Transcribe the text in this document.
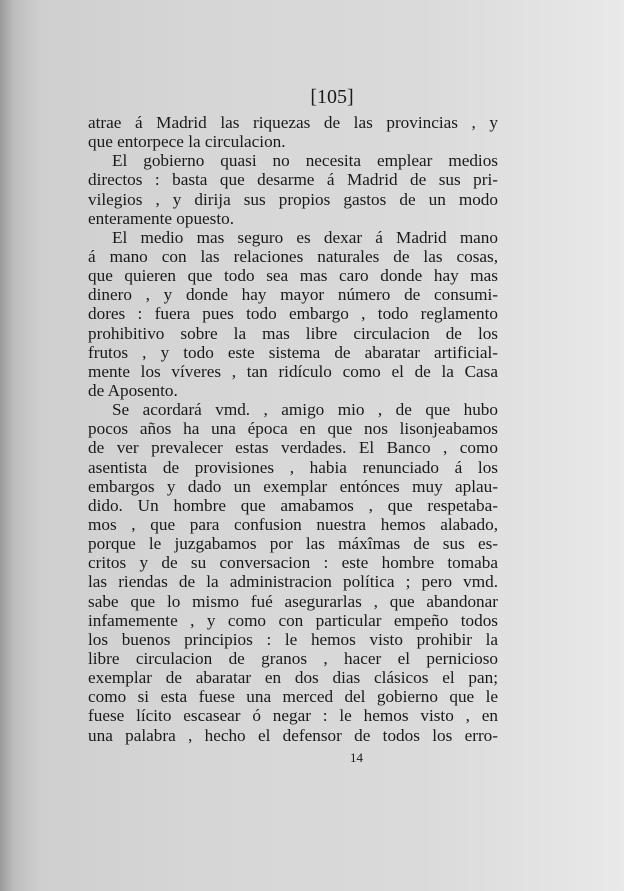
[105]
atrae á Madrid las riquezas de las provincias , y
que entorpece la circulacion.
El gobierno quasi no necesita emplear medios
directos : basta que desarme á Madrid de sus pri-
vilegios , y dirija sus propios gastos de un modo
enteramente opuesto.
El medio mas seguro es dexar á Madrid mano
á mano con las relaciones naturales de las cosas,
que quieren que todo sea mas caro donde hay mas
dinero , y donde hay mayor número de consumi-
dores : fuera pues todo embargo , todo reglamento
prohibitivo sobre la mas libre circulacion de los
frutos , y todo este sistema de abaratar artificial-
mente los víveres , tan ridículo como el de la Casa
de Aposento.
Se acordará vmd. , amigo mio , de que hubo
pocos años ha una época en que nos lisonjeabamos
de ver prevalecer estas verdades. El Banco , como
asentista de provisiones , habia renunciado á los
embargos y dado un exemplar entónces muy aplau-
dido. Un hombre que amabamos , que respetaba-
mos , que para confusion nuestra hemos alabado,
porque le juzgabamos por las máxîmas de sus es-
critos y de su conversacion : este hombre tomaba
las riendas de la administracion política ; pero vmd.
sabe que lo mismo fué asegurarlas , que abandonar
infamemente , y como con particular empeño todos
los buenos principios : le hemos visto prohibir la
libre circulacion de granos , hacer el pernicioso
exemplar de abaratar en dos dias clásicos el pan;
como si esta fuese una merced del gobierno que le
fuese lícito escasear ó negar : le hemos visto , en
una palabra , hecho el defensor de todos los erro-
14
